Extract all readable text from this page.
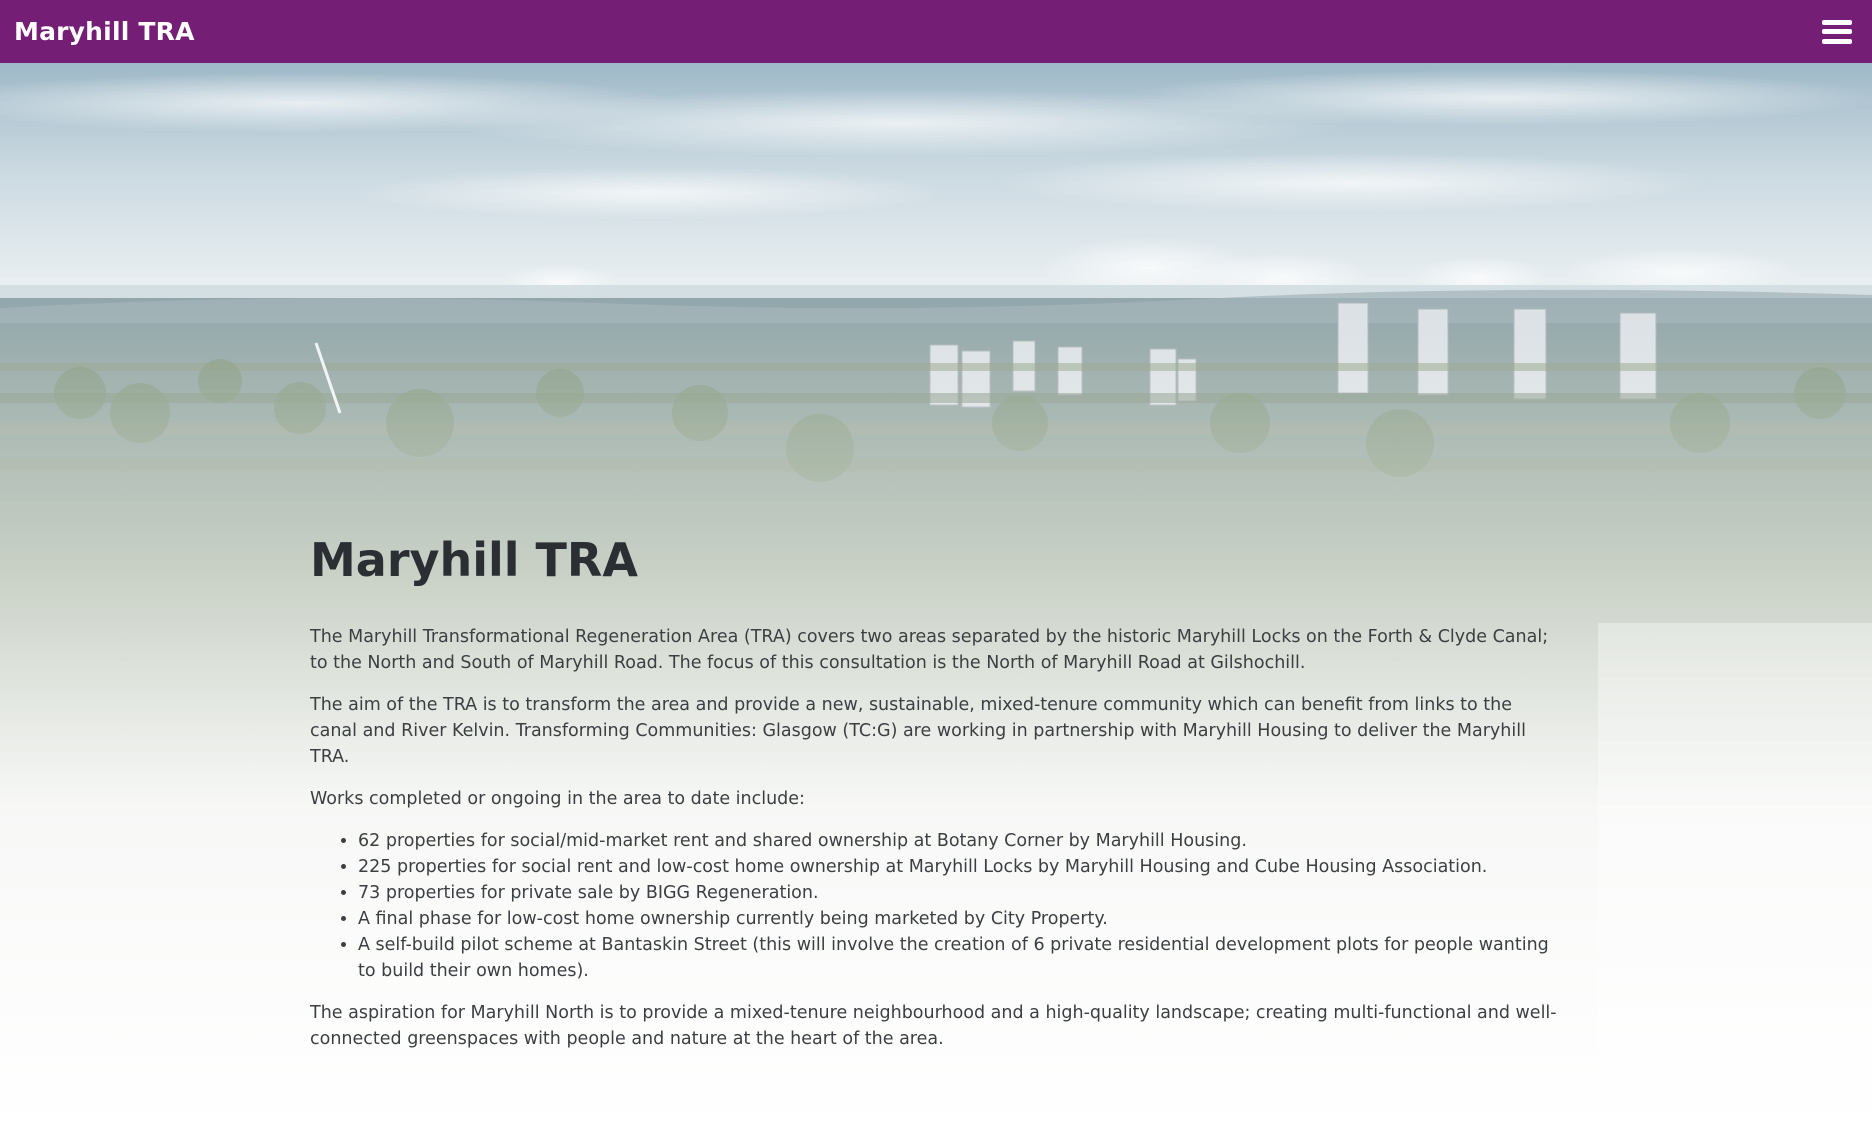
Maryhill TRA
Maryhill TRA

The Maryhill Transformational Regeneration Area (TRA) covers two areas separated by the historic Maryhill Locks on the Forth & Clyde Canal; to the North and South of Maryhill Road. The focus of this consultation is the North of Maryhill Road at Gilshochill.

The aim of the TRA is to transform the area and provide a new, sustainable, mixed-tenure community which can benefit from links to the canal and River Kelvin. Transforming Communities: Glasgow (TC:G) are working in partnership with Maryhill Housing to deliver the Maryhill TRA.

Works completed or ongoing in the area to date include:

• 62 properties for social/mid-market rent and shared ownership at Botany Corner by Maryhill Housing.
• 225 properties for social rent and low-cost home ownership at Maryhill Locks by Maryhill Housing and Cube Housing Association.
• 73 properties for private sale by BIGG Regeneration.
• A final phase for low-cost home ownership currently being marketed by City Property.
• A self-build pilot scheme at Bantaskin Street (this will involve the creation of 6 private residential development plots for people wanting to build their own homes).

The aspiration for Maryhill North is to provide a mixed-tenure neighbourhood and a high-quality landscape; creating multi-functional and well-connected greenspaces with people and nature at the heart of the area.
